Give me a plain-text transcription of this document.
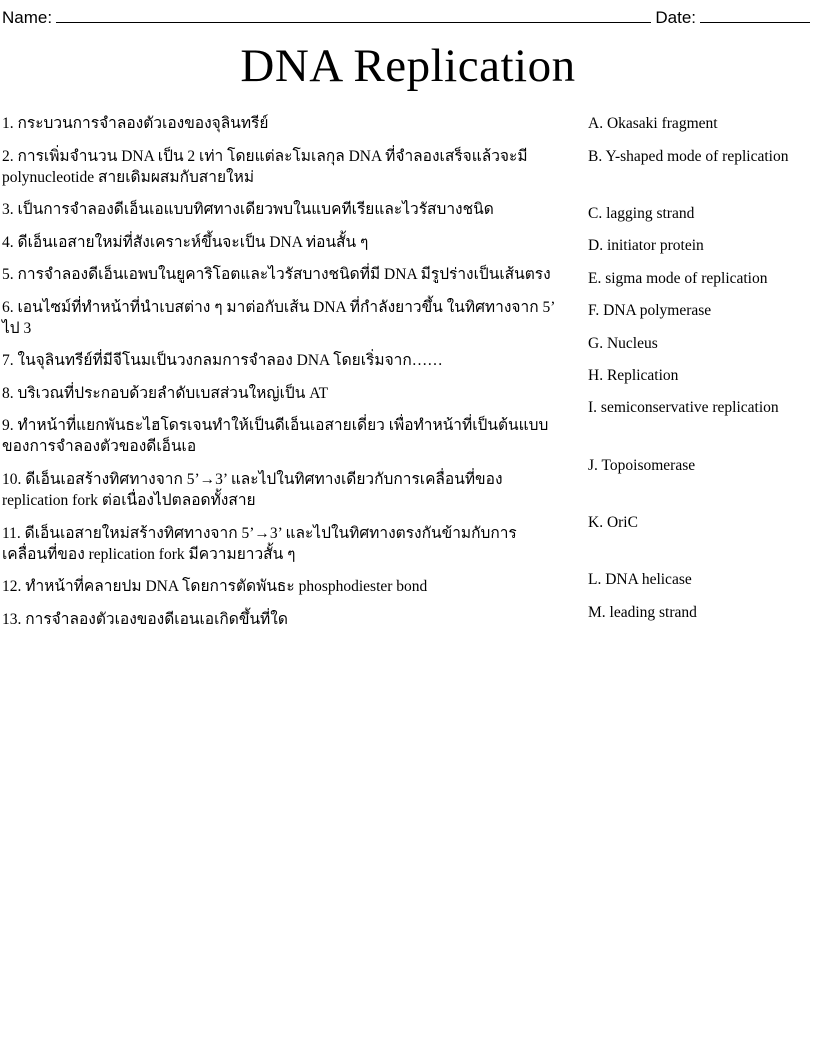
Name:	Date:
DNA Replication
1. กระบวนการจำลองตัวเองของจุลินทรีย์
2. การเพิ่มจำนวน DNA เป็น 2 เท่า โดยแต่ละโมเลกุล DNA ที่จำลองเสร็จแล้วจะมี polynucleotide สายเดิมผสมกับสายใหม่
3. เป็นการจำลองดีเอ็นเอแบบทิศทางเดียวพบในแบคทีเรียและไวรัสบางชนิด
4. ดีเอ็นเอสายใหม่ที่สังเคราะห์ขึ้นจะเป็น DNA ท่อนสั้น ๆ
5. การจำลองดีเอ็นเอพบในยูคาริโอตและไวรัสบางชนิดที่มี DNA มีรูปร่างเป็นเส้นตรง
6. เอนไซม์ที่ทำหน้าที่นำเบสต่าง ๆ มาต่อกับเส้น DNA ที่กำลังยาวขึ้น ในทิศทางจาก 5’ ไป 3
7. ในจุลินทรีย์ที่มีจีโนมเป็นวงกลมการจำลอง DNA โดยเริ่มจาก……
8. บริเวณที่ประกอบด้วยลำดับเบสส่วนใหญ่เป็น AT
9. ทำหน้าที่แยกพันธะไฮโดรเจนทำให้เป็นดีเอ็นเอสายเดี่ยว เพื่อทำหน้าที่เป็นต้นแบบของการจำลองตัวของดีเอ็นเอ
10. ดีเอ็นเอสร้างทิศทางจาก 5’→3’ และไปในทิศทางเดียวกับการเคลื่อนที่ของ replication fork ต่อเนื่องไปตลอดทั้งสาย
11. ดีเอ็นเอสายใหม่สร้างทิศทางจาก 5’→3’ และไปในทิศทางตรงกันข้ามกับการเคลื่อนที่ของ replication fork มีความยาวสั้น ๆ
12. ทำหน้าที่คลายปม DNA โดยการตัดพันธะ phosphodiester bond
13. การจำลองตัวเองของดีเอนเอเกิดขึ้นที่ใด
A. Okasaki fragment
B. Y-shaped mode of replication
C. lagging strand
D. initiator protein
E. sigma mode of replication
F. DNA polymerase
G. Nucleus
H. Replication
I. semiconservative replication
J. Topoisomerase
K. OriC
L. DNA helicase
M. leading strand
